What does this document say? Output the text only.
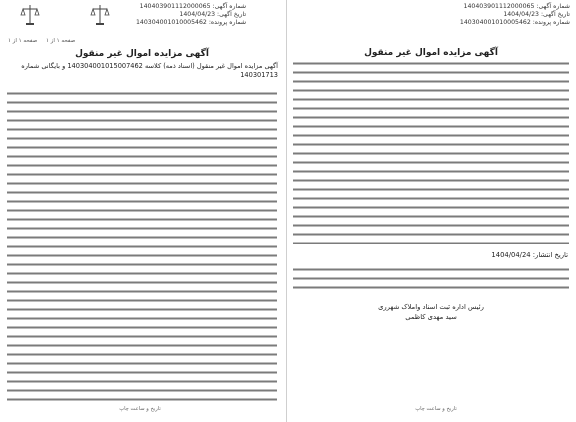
شماره آگهی: 140403901112000065
تاریخ آگهی: 1404/04/23
شماره پرونده: 140304001010005462
صفحه ۱ از ۱
آگهی مزایده اموال غیر منقول
تاریخ انتشار: 1404/04/24
رئیس اداره ثبت اسناد واملاک شهرری
سید مهدی کاظمی
تاریخ و ساعت چاپ
شماره آگهی: 140403901112000065
تاریخ آگهی: 1404/04/23
شماره پرونده: 140304001010005462
صفحه ۱ از ۱
آگهی مزایده اموال غیر منقول
آگهی مزایده اموال غیر منقول (اسناد ذمه) کلاسه 140304001015007462 و بایگانی شماره 140301713
تاریخ و ساعت چاپ
